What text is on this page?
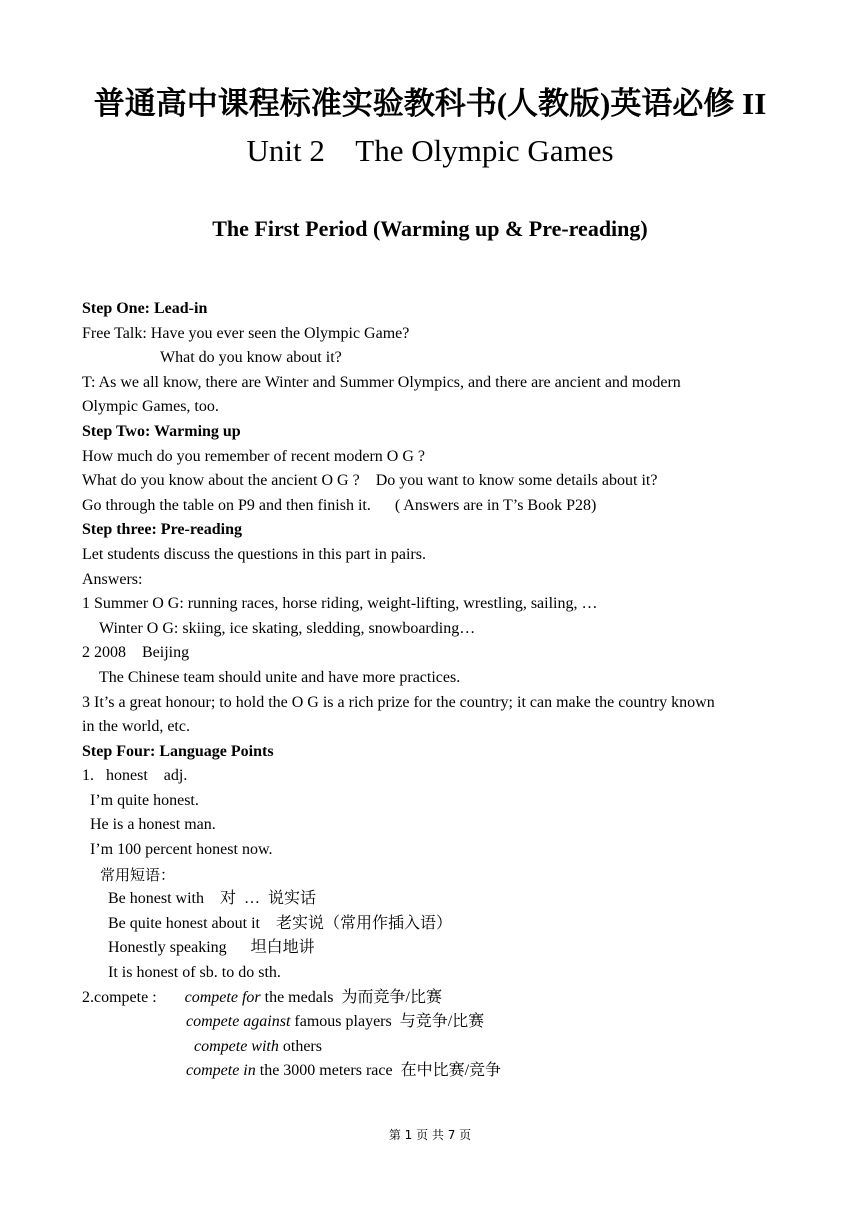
普通高中课程标准实验教科书(人教版)英语必修 II
Unit 2    The Olympic Games
The First Period (Warming up & Pre-reading)
Step One: Lead-in
Free Talk: Have you ever seen the Olympic Game?
What do you know about it?
T: As we all know, there are Winter and Summer Olympics, and there are ancient and modern
Olympic Games, too.
Step Two: Warming up
How much do you remember of recent modern O G ?
What do you know about the ancient O G ?    Do you want to know some details about it?
Go through the table on P9 and then finish it.      ( Answers are in T’s Book P28)
Step three: Pre-reading
Let students discuss the questions in this part in pairs.
Answers:
1 Summer O G: running races, horse riding, weight-lifting, wrestling, sailing, …
Winter O G: skiing, ice skating, sledding, snowboarding…
2 2008    Beijing
The Chinese team should unite and have more practices.
3 It’s a great honour; to hold the O G is a rich prize for the country; it can make the country known
in the world, etc.
Step Four: Language Points
1.   honest    adj.
I’m quite honest.
He is a honest man.
I’m 100 percent honest now.
常用短语：
Be honest with    对  …  说实话
Be quite honest about it    老实说（常用作插入语）
Honestly speaking      坦白地讲
It is honest of sb. to do sth.
2.compete : compete for the medals  为而竞争/比赛
compete against famous players  与竞争/比赛
compete with others
compete in the 3000 meters race  在中比赛/竞争
第 1 页 共 7 页
